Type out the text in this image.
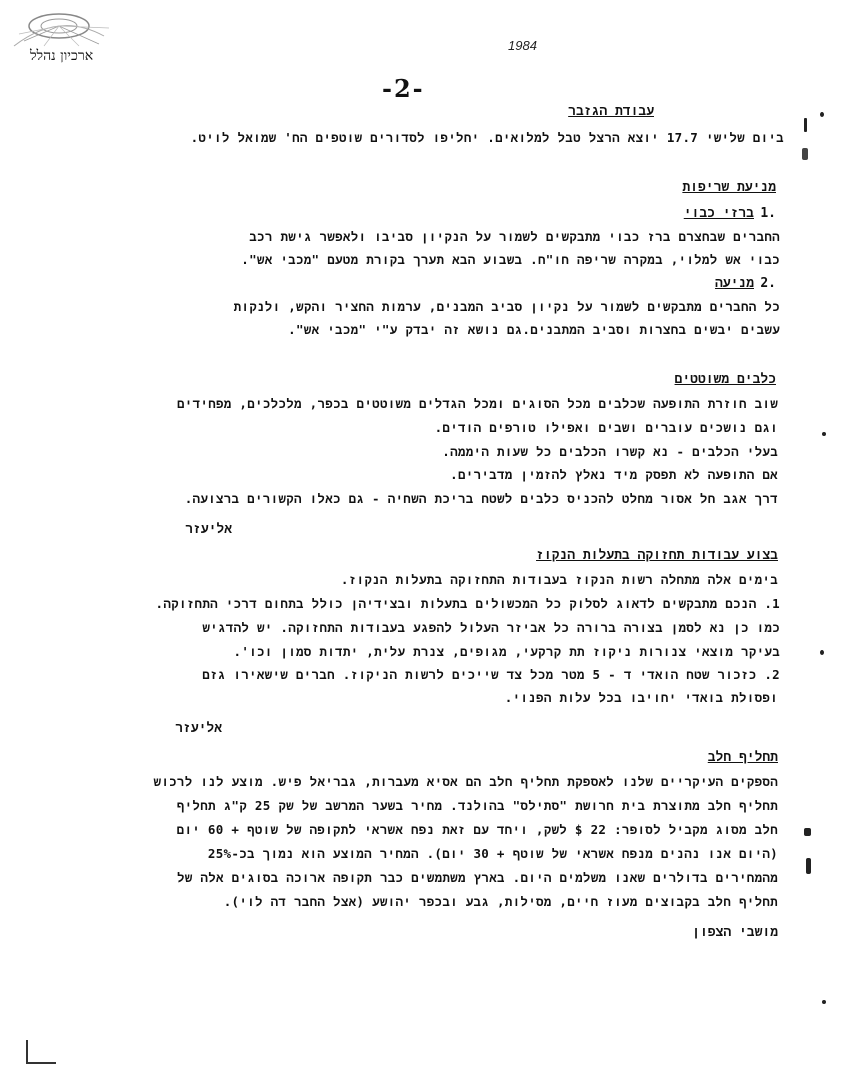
ארכיון נהלל
1984
-2-
עבודת הגזבר
ביום שלישי 17.7 יוצא הרצל טבל למלואים. יחליפו לסדורים שוטפים הח' שמואל לויט.
מניעת שריפות
1.
ברזי כבוי
החברים שבחצרם ברז כבוי מתבקשים לשמור על הנקיון סביבו ולאפשר גישת רכב
כבוי אש למלוי, במקרה שריפה חו"ח. בשבוע הבא תערך בקורת מטעם "מכבי אש".
2.
מניעה
כל החברים מתבקשים לשמור על נקיון סביב המבנים, ערמות החציר והקש, ולנקות
עשבים יבשים בחצרות וסביב המתבנים.גם נושא זה יבדק ע"י "מכבי אש".
כלבים משוטטים
שוב חוזרת התופעה שכלבים מכל הסוגים ומכל הגדלים משוטטים בכפר, מלכלכים, מפחידים
וגם נושכים עוברים ושבים ואפילו טורפים הודים.
בעלי הכלבים - נא קשרו הכלבים כל שעות היממה.
אם התופעה לא תפסק מיד נאלץ להזמין מדבירים.
דרך אגב חל אסור מחלט להכניס כלבים לשטח בריכת השחיה - גם כאלו הקשורים ברצועה.
אליעזר
בצוע עבודות תחזוקה בתעלות הנקוז
בימים אלה מתחלה רשות הנקוז בעבודות התחזוקה בתעלות הנקוז.
1. הנכם מתבקשים לדאוג לסלוק כל המכשולים בתעלות ובצידיהן כולל בתחום דרכי התחזוקה.
כמו כן נא לסמן בצורה ברורה כל אביזר העלול להפגע בעבודות התחזוקה. יש להדגיש
בעיקר מוצאי צנורות ניקוז תת קרקעי, מגופים, צנרת עלית, יתדות סמון וכו'.
2. כזכור שטח הואדי ד - 5 מטר מכל צד שייכים לרשות הניקוז. חברים שישאירו גזם
ופסולת בואדי יחויבו בכל עלות הפנוי.
אליעזר
תחליף חלב
הספקים העיקריים שלנו לאספקת תחליף חלב הם אסיא מעברות, גבריאל פיש. מוצע לנו לרכוש
תחליף חלב מתוצרת בית חרושת "סתילס" בהולנד. מחיר בשער המרשב של שק 25 ק"ג תחליף
חלב מסוג מקביל לסופר: 22 $ לשק, ויחד עם זאת נפח אשראי לתקופה של שוטף + 60 יום
(היום אנו נהנים מנפח אשראי של שוטף + 30 יום). המחיר המוצע הוא נמוך בכ-25%
מהמחירים בדולרים שאנו משלמים היום. בארץ משתמשים כבר תקופה ארוכה בסוגים אלה של
תחליף חלב בקבוצים מעוז חיים, מסילות, גבע ובכפר יהושע (אצל החבר דה לוי).
מושבי הצפון
